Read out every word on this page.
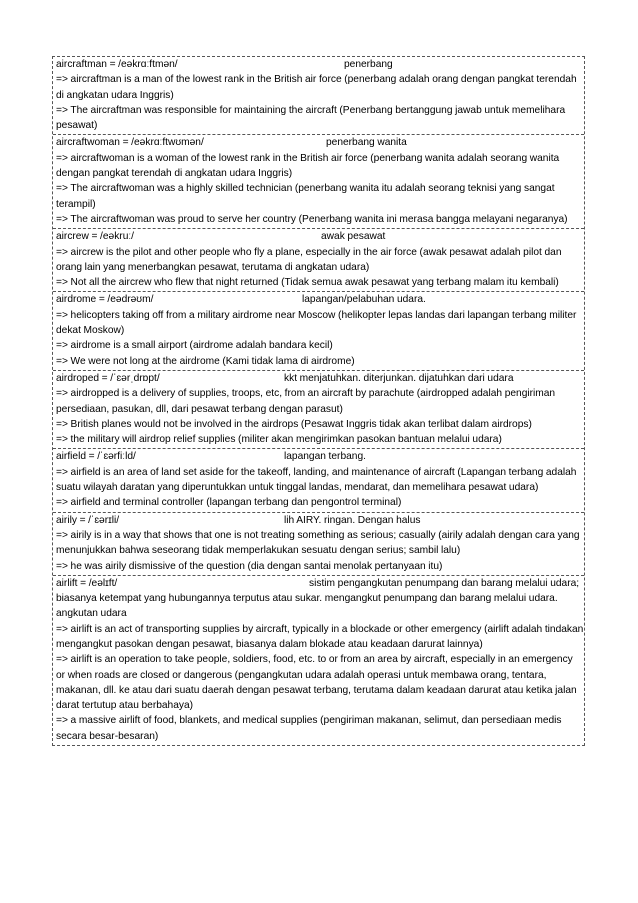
aircraftman = /eəkrɑːftmən/	penerbang
=> aircraftman is a man of the lowest rank in the British air force (penerbang adalah orang dengan pangkat terendah di angkatan udara Inggris)
=> The aircraftman was responsible for maintaining the aircraft (Penerbang bertanggung jawab untuk memelihara pesawat)
aircraftwoman = /eəkrɑːftwʊmən/	penerbang wanita
=> aircraftwoman is a woman of the lowest rank in the British air force (penerbang wanita adalah seorang wanita dengan pangkat terendah di angkatan udara Inggris)
=> The aircraftwoman was a highly skilled technician (penerbang wanita itu adalah seorang teknisi yang sangat terampil)
=> The aircraftwoman was proud to serve her country (Penerbang wanita ini merasa bangga melayani negaranya)
aircrew = /eəkruː/	awak pesawat
=> aircrew is the pilot and other people who fly a plane, especially in the air force (awak pesawat adalah pilot dan orang lain yang menerbangkan pesawat, terutama di angkatan udara)
=> Not all the aircrew who flew that night returned (Tidak semua awak pesawat yang terbang malam itu kembali)
airdrome = /eədrəʊm/	lapangan/pelabuhan udara.
=> helicopters taking off from a military airdrome near Moscow (helikopter lepas landas dari lapangan terbang militer dekat Moskow)
=> airdrome is a small airport (airdrome adalah bandara kecil)
=> We were not long at the airdrome (Kami tidak lama di airdrome)
airdroped = /ˈɛərˌdrɒpt/	kkt menjatuhkan. diterjunkan. dijatuhkan dari udara
=> airdropped is a delivery of supplies, troops, etc, from an aircraft by parachute (airdropped adalah pengiriman persediaan, pasukan, dll, dari pesawat terbang dengan parasut)
=> British planes would not be involved in the airdrops (Pesawat Inggris tidak akan terlibat dalam airdrops)
=> the military will airdrop relief supplies (militer akan mengirimkan pasokan bantuan melalui udara)
airfield = /ˈɛərfiːld/	lapangan terbang.
=> airfield is an area of land set aside for the takeoff, landing, and maintenance of aircraft (Lapangan terbang adalah suatu wilayah daratan yang diperuntukkan untuk tinggal landas, mendarat, dan memelihara pesawat udara)
=> airfield and terminal controller (lapangan terbang dan pengontrol terminal)
airily = /ˈɛərɪli/	lih AIRY. ringan. Dengan halus
=> airily is in a way that shows that one is not treating something as serious; casually (airily adalah dengan cara yang menunjukkan bahwa seseorang tidak memperlakukan sesuatu dengan serius; sambil lalu)
=> he was airily dismissive of the question (dia dengan santai menolak pertanyaan itu)
airlift = /eəlɪft/	sistim pengangkutan penumpang dan barang melalui udara; biasanya ketempat yang hubungannya terputus atau sukar. mengangkut penumpang dan barang melalui udara. angkutan udara
=> airlift is an act of transporting supplies by aircraft, typically in a blockade or other emergency (airlift adalah tindakan mengangkut pasokan dengan pesawat, biasanya dalam blokade atau keadaan darurat lainnya)
=> airlift is an operation to take people, soldiers, food, etc. to or from an area by aircraft, especially in an emergency or when roads are closed or dangerous (pengangkutan udara adalah operasi untuk membawa orang, tentara, makanan, dll. ke atau dari suatu daerah dengan pesawat terbang, terutama dalam keadaan darurat atau ketika jalan darat tertutup atau berbahaya)
=> a massive airlift of food, blankets, and medical supplies (pengiriman makanan, selimut, dan persediaan medis secara besar-besaran)
